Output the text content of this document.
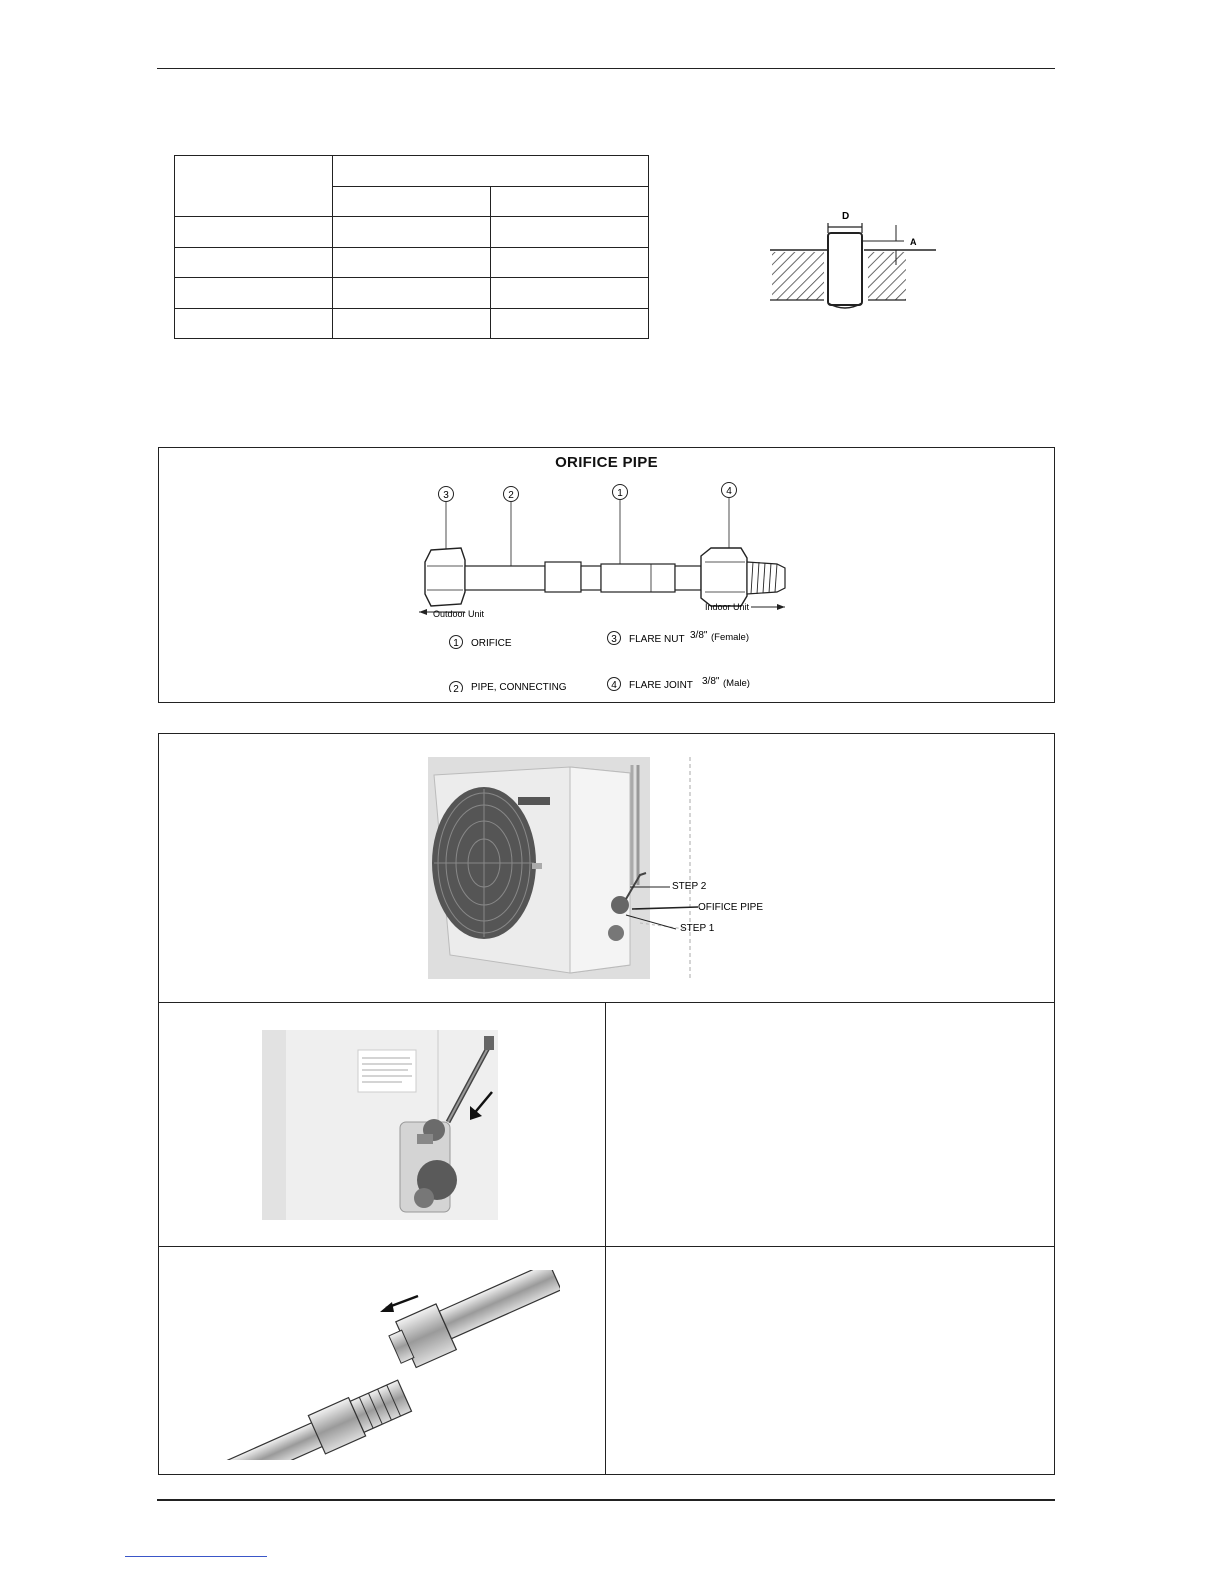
D
A
ORIFICE PIPE
3	2	1	4
Outdoor Unit
Indoor Unit
1 ORIFICE	3 FLARE NUT 3/8" (Female)
2 PIPE, CONNECTING	4 FLARE JOINT 3/8" (Male)
STEP 2
OFIFICE PIPE
STEP 1
